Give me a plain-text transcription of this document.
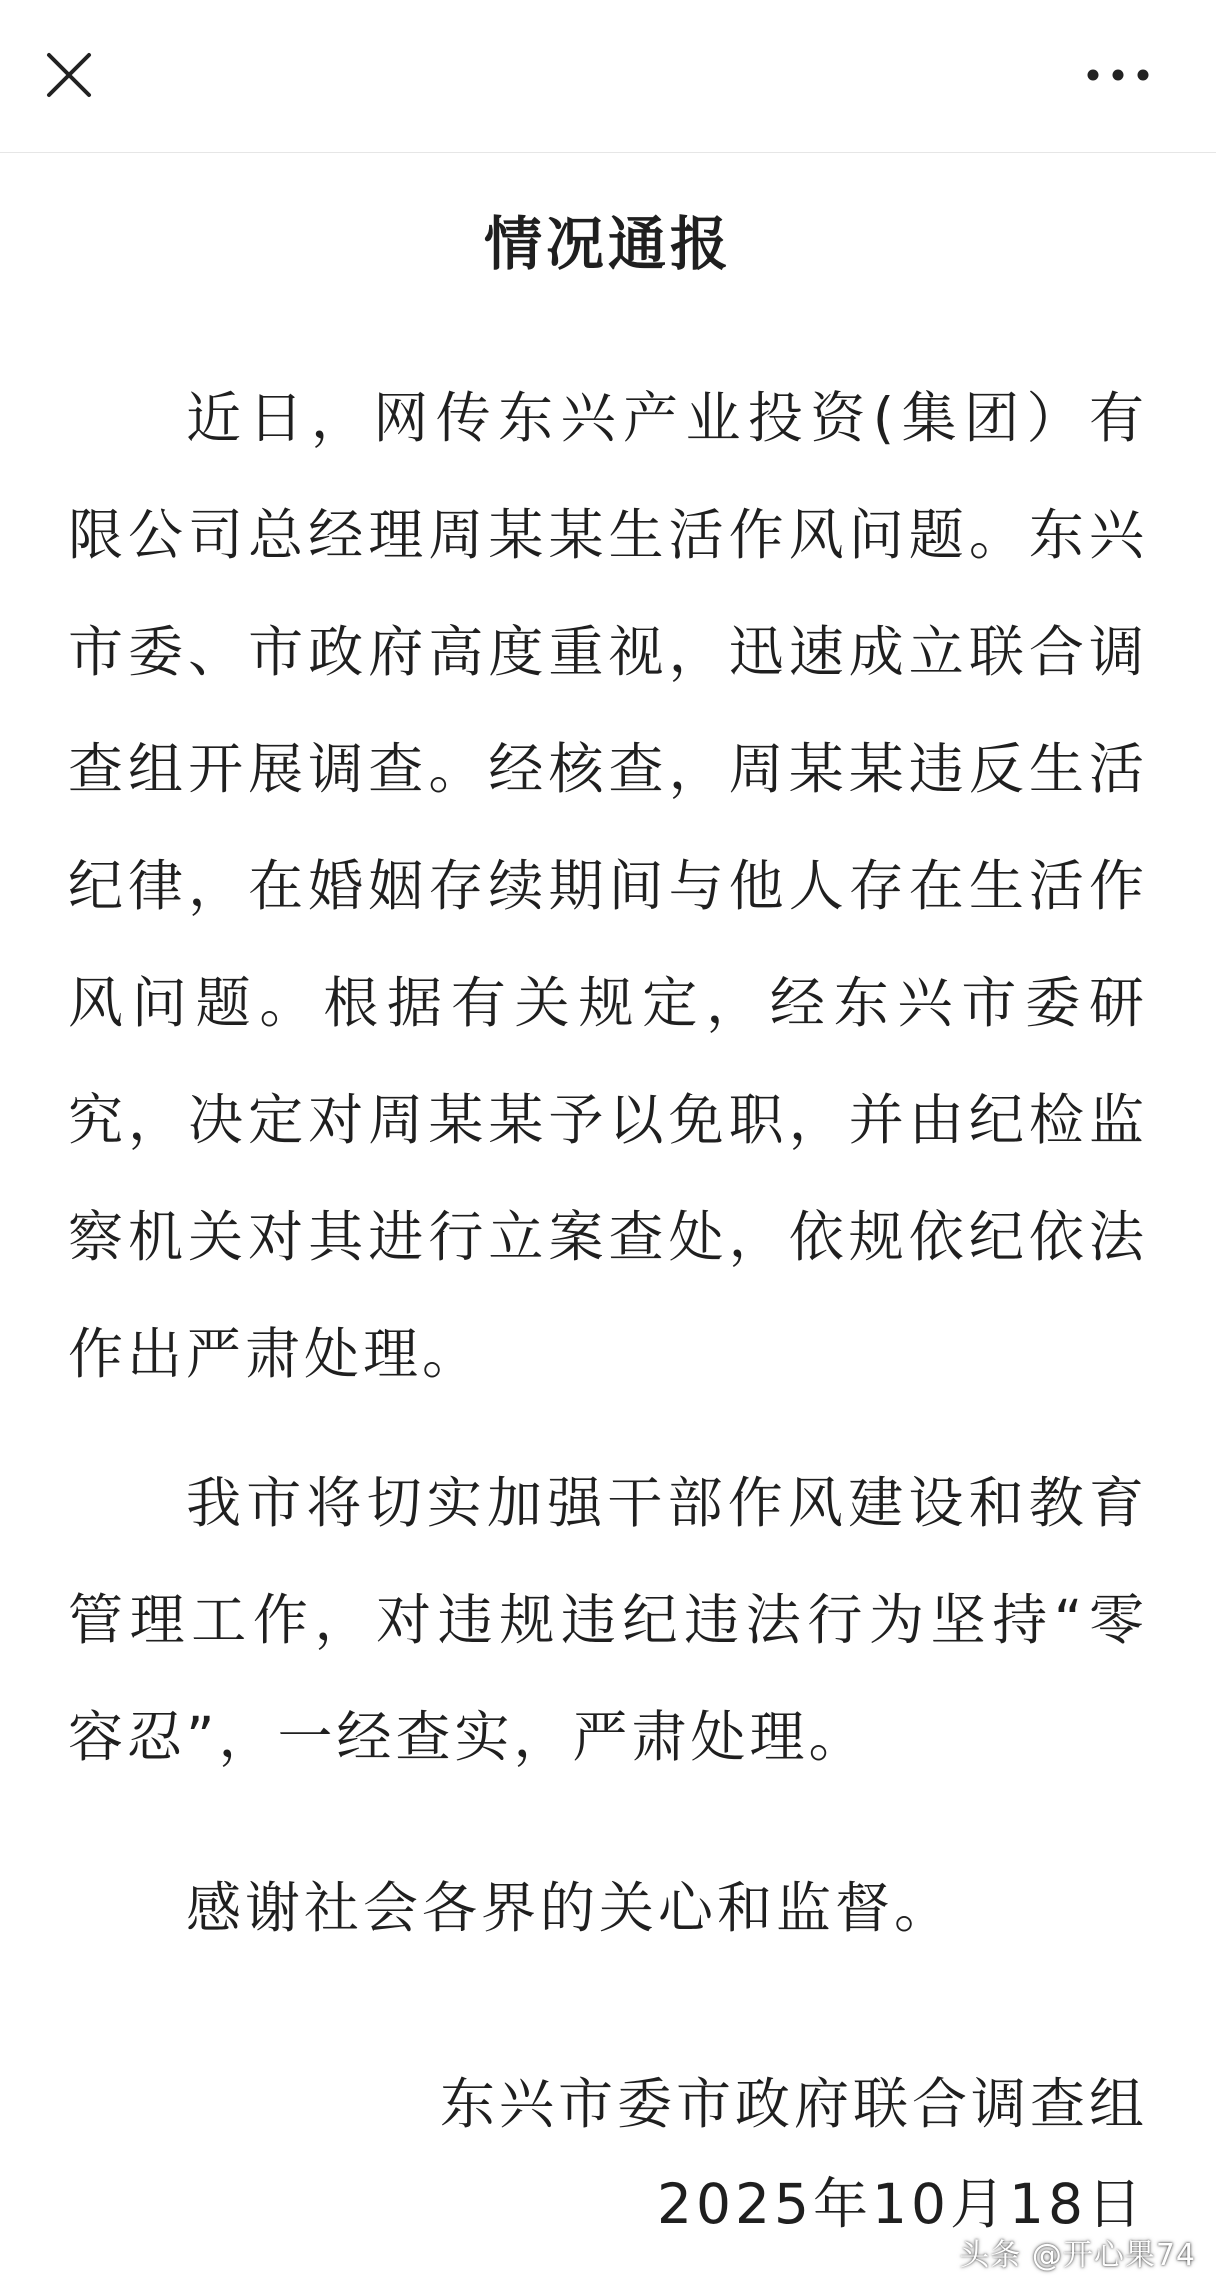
情况通报
近日，网传东兴产业投资(集团）有限公司总经理周某某生活作风问题。东兴市委、市政府高度重视，迅速成立联合调查组开展调查。经核查，周某某违反生活纪律，在婚姻存续期间与他人存在生活作风问题。根据有关规定，经东兴市委研究，决定对周某某予以免职，并由纪检监察机关对其进行立案查处，依规依纪依法作出严肃处理。
我市将切实加强干部作风建设和教育管理工作，对违规违纪违法行为坚持“零容忍”，一经查实，严肃处理。
感谢社会各界的关心和监督。
东兴市委市政府联合调查组
2025年10月18日
头条 @开心果74
